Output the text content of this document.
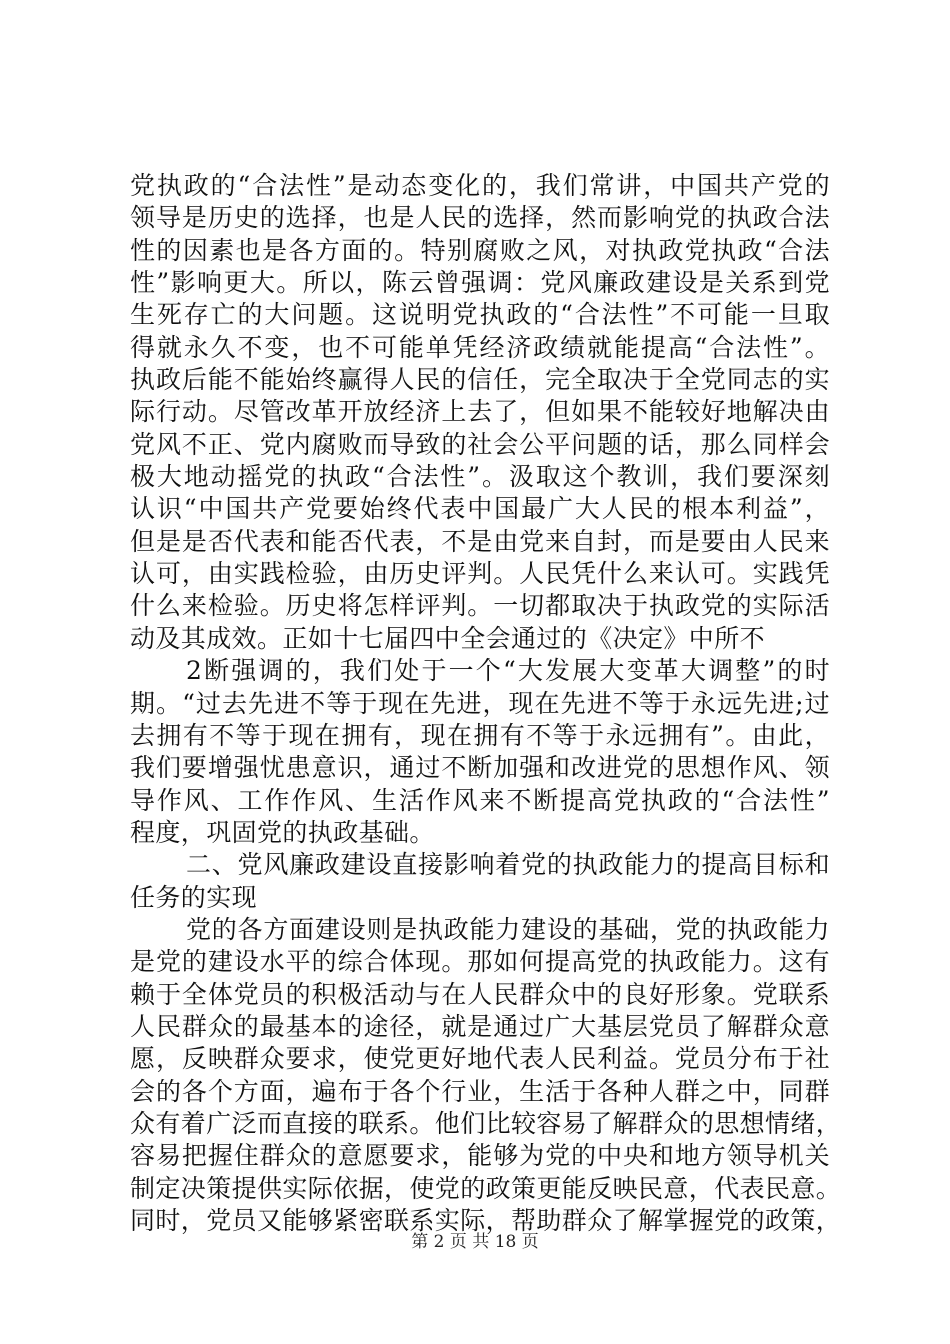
党执政的“合法性”是动态变化的，我们常讲，中国共产党的
领导是历史的选择，也是人民的选择，然而影响党的执政合法
性的因素也是各方面的。特别腐败之风，对执政党执政“合法
性”影响更大。所以，陈云曾强调：党风廉政建设是关系到党
生死存亡的大问题。这说明党执政的“合法性”不可能一旦取
得就永久不变，也不可能单凭经济政绩就能提高“合法性”。
执政后能不能始终赢得人民的信任，完全取决于全党同志的实
际行动。尽管改革开放经济上去了，但如果不能较好地解决由
党风不正、党内腐败而导致的社会公平问题的话，那么同样会
极大地动摇党的执政“合法性”。汲取这个教训，我们要深刻
认识“中国共产党要始终代表中国最广大人民的根本利益”，
但是是否代表和能否代表，不是由党来自封，而是要由人民来
认可，由实践检验，由历史评判。人民凭什么来认可。实践凭
什么来检验。历史将怎样评判。一切都取决于执政党的实际活
动及其成效。正如十七届四中全会通过的《决定》中所不
2断强调的，我们处于一个“大发展大变革大调整”的时
期。“过去先进不等于现在先进，现在先进不等于永远先进;过
去拥有不等于现在拥有，现在拥有不等于永远拥有”。由此，
我们要增强忧患意识，通过不断加强和改进党的思想作风、领
导作风、工作作风、生活作风来不断提高党执政的“合法性”
程度，巩固党的执政基础。
二、党风廉政建设直接影响着党的执政能力的提高目标和
任务的实现
党的各方面建设则是执政能力建设的基础，党的执政能力
是党的建设水平的综合体现。那如何提高党的执政能力。这有
赖于全体党员的积极活动与在人民群众中的良好形象。党联系
人民群众的最基本的途径，就是通过广大基层党员了解群众意
愿，反映群众要求，使党更好地代表人民利益。党员分布于社
会的各个方面，遍布于各个行业，生活于各种人群之中，同群
众有着广泛而直接的联系。他们比较容易了解群众的思想情绪，
容易把握住群众的意愿要求，能够为党的中央和地方领导机关
制定决策提供实际依据，使党的政策更能反映民意，代表民意。
同时，党员又能够紧密联系实际，帮助群众了解掌握党的政策，
第 2 页 共 18 页
